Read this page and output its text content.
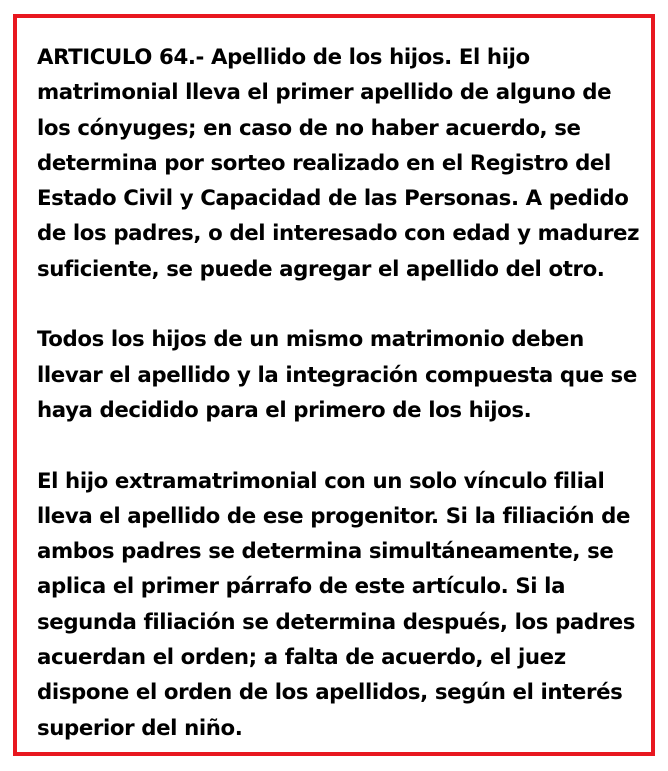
ARTICULO 64.- Apellido de los hijos. El hijo
matrimonial lleva el primer apellido de alguno de
los cónyuges; en caso de no haber acuerdo, se
determina por sorteo realizado en el Registro del
Estado Civil y Capacidad de las Personas. A pedido
de los padres, o del interesado con edad y madurez
suficiente, se puede agregar el apellido del otro.
Todos los hijos de un mismo matrimonio deben
llevar el apellido y la integración compuesta que se
haya decidido para el primero de los hijos.
El hijo extramatrimonial con un solo vínculo filial
lleva el apellido de ese progenitor. Si la filiación de
ambos padres se determina simultáneamente, se
aplica el primer párrafo de este artículo. Si la
segunda filiación se determina después, los padres
acuerdan el orden; a falta de acuerdo, el juez
dispone el orden de los apellidos, según el interés
superior del niño.
